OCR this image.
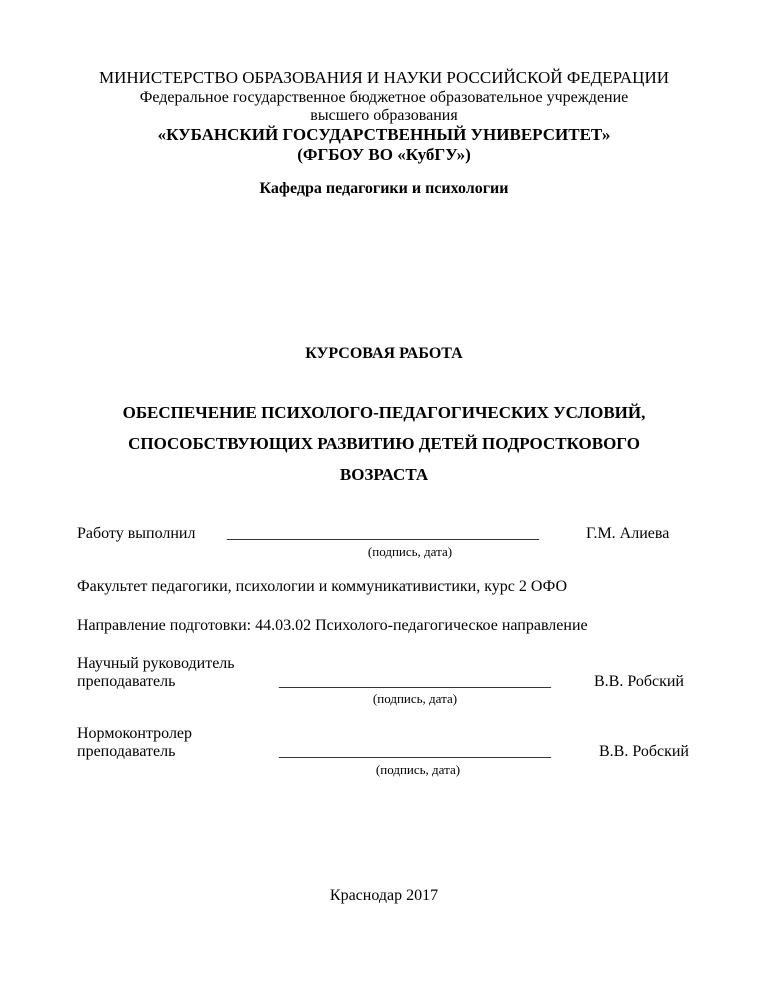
МИНИСТЕРСТВО ОБРАЗОВАНИЯ И НАУКИ РОССИЙСКОЙ ФЕДЕРАЦИИ
Федеральное государственное бюджетное образовательное учреждение
высшего образования
«КУБАНСКИЙ ГОСУДАРСТВЕННЫЙ УНИВЕРСИТЕТ»
(ФГБОУ ВО «КубГУ»)
Кафедра педагогики и психологии
КУРСОВАЯ РАБОТА
ОБЕСПЕЧЕНИЕ ПСИХОЛОГО-ПЕДАГОГИЧЕСКИХ УСЛОВИЙ,
СПОСОБСТВУЮЩИХ РАЗВИТИЮ ДЕТЕЙ ПОДРОСТКОВОГО
ВОЗРАСТА
Работу выполнил _______________________________________	Г.М. Алиева
(подпись, дата)
Факультет педагогики, психологии и коммуникативистики, курс 2 ОФО
Направление подготовки: 44.03.02 Психолого-педагогическое направление
Научный руководитель
преподаватель	__________________________________	В.В. Робский
(подпись, дата)
Нормоконтролер
преподаватель	__________________________________	В.В. Робский
(подпись, дата)
Краснодар 2017
